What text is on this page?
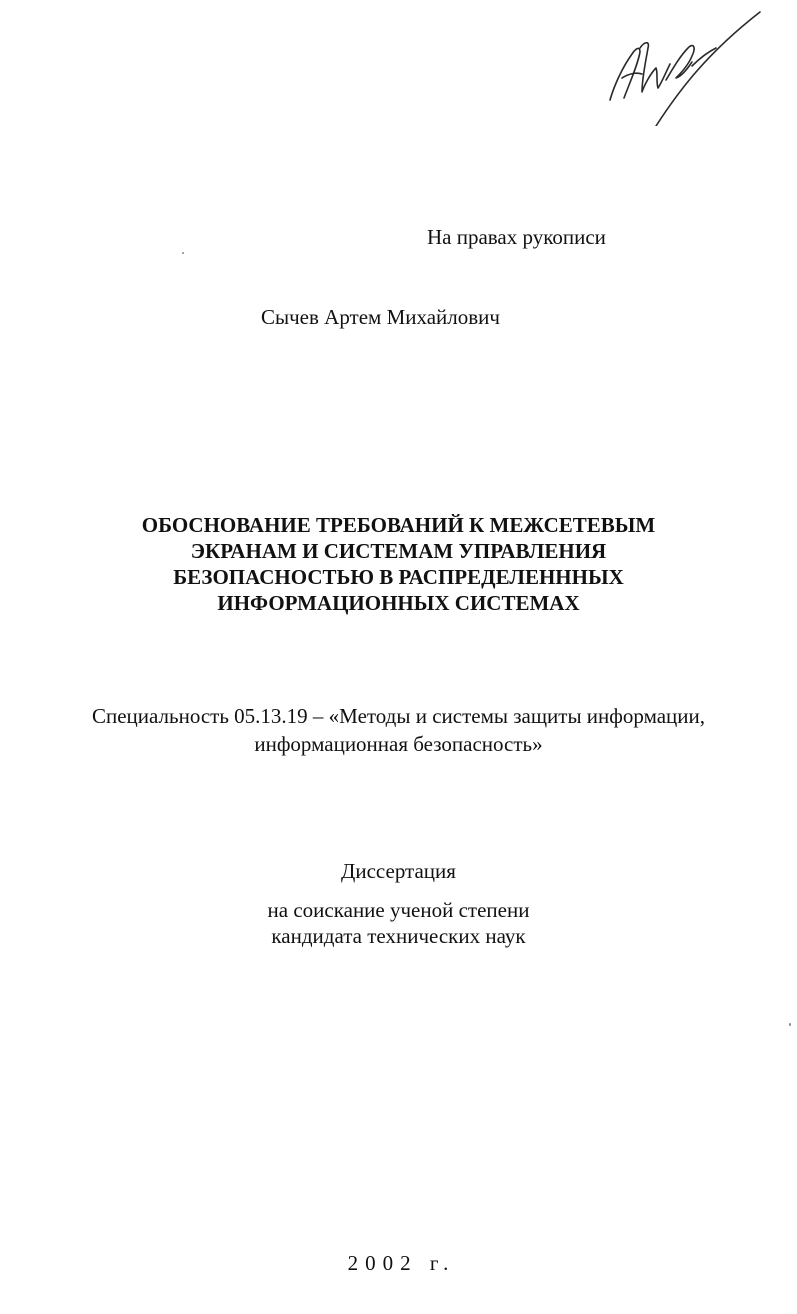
На правах рукописи
Сычев Артем Михайлович
ОБОСНОВАНИЕ ТРЕБОВАНИЙ К МЕЖСЕТЕВЫМ
ЭКРАНАМ И СИСТЕМАМ УПРАВЛЕНИЯ
БЕЗОПАСНОСТЬЮ В РАСПРЕДЕЛЕНННЫХ
ИНФОРМАЦИОННЫХ СИСТЕМАХ
Специальность 05.13.19 – «Методы и системы защиты информации,
информационная безопасность»
Диссертация
на соискание ученой степени
кандидата технических наук
2002 г.
